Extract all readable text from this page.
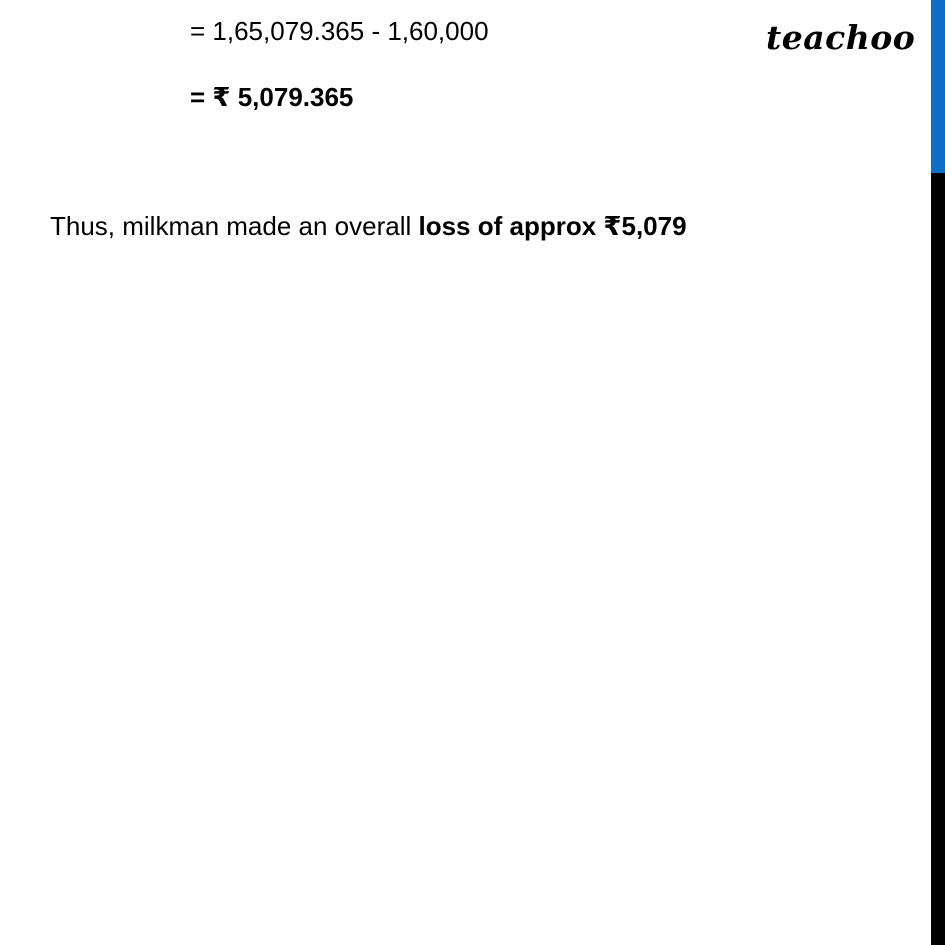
= 1,65,079.365 - 1,60,000
= ₹ 5,079.365
Thus, milkman made an overall loss of approx ₹5,079
teachoo
